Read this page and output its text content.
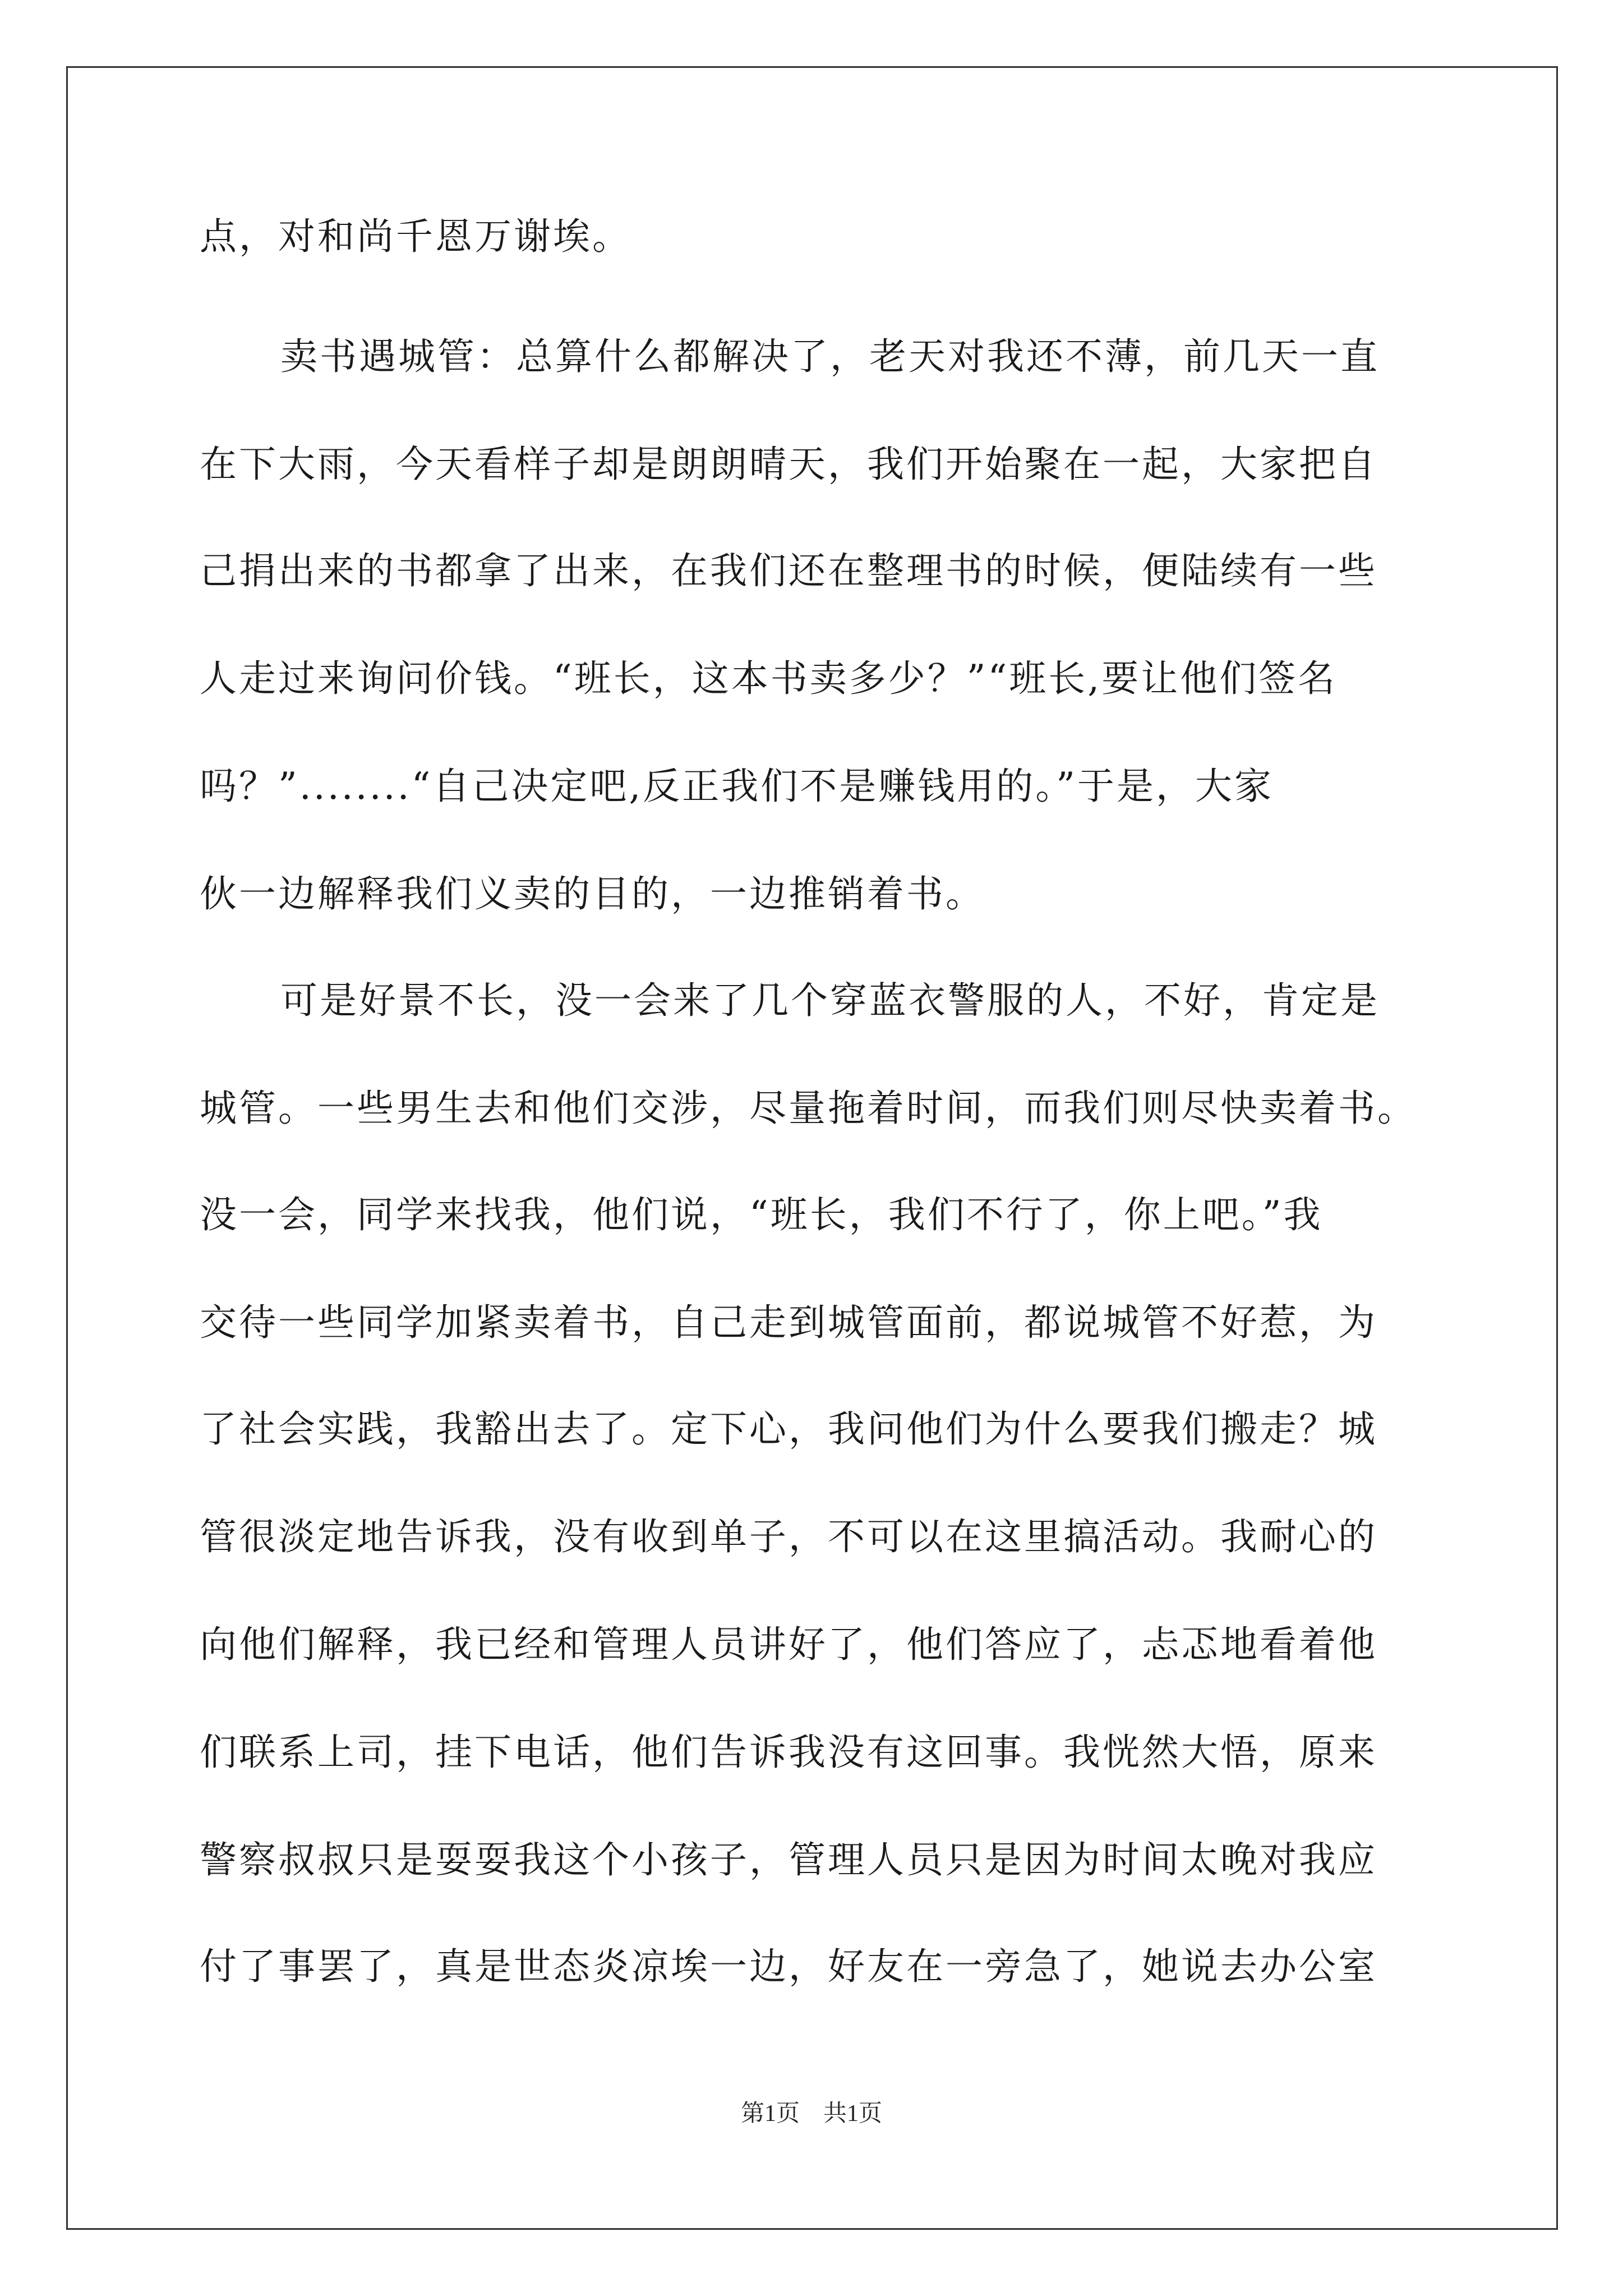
点，对和尚千恩万谢埃。
卖书遇城管：总算什么都解决了，老天对我还不薄，前几天一直
在下大雨，今天看样子却是朗朗晴天，我们开始聚在一起，大家把自
己捐出来的书都拿了出来，在我们还在整理书的时候，便陆续有一些
人走过来询问价钱。“班长，这本书卖多少？”“班长,要让他们签名
吗？”........“自己决定吧,反正我们不是赚钱用的。”于是，大家
伙一边解释我们义卖的目的，一边推销着书。
可是好景不长，没一会来了几个穿蓝衣警服的人，不好，肯定是
城管。一些男生去和他们交涉，尽量拖着时间，而我们则尽快卖着书。
没一会，同学来找我，他们说，“班长，我们不行了，你上吧。”我
交待一些同学加紧卖着书，自己走到城管面前，都说城管不好惹，为
了社会实践，我豁出去了。定下心，我问他们为什么要我们搬走？城
管很淡定地告诉我，没有收到单子，不可以在这里搞活动。我耐心的
向他们解释，我已经和管理人员讲好了，他们答应了，忐忑地看着他
们联系上司，挂下电话，他们告诉我没有这回事。我恍然大悟，原来
警察叔叔只是耍耍我这个小孩子，管理人员只是因为时间太晚对我应
付了事罢了，真是世态炎凉埃一边，好友在一旁急了，她说去办公室
第1页　共1页
